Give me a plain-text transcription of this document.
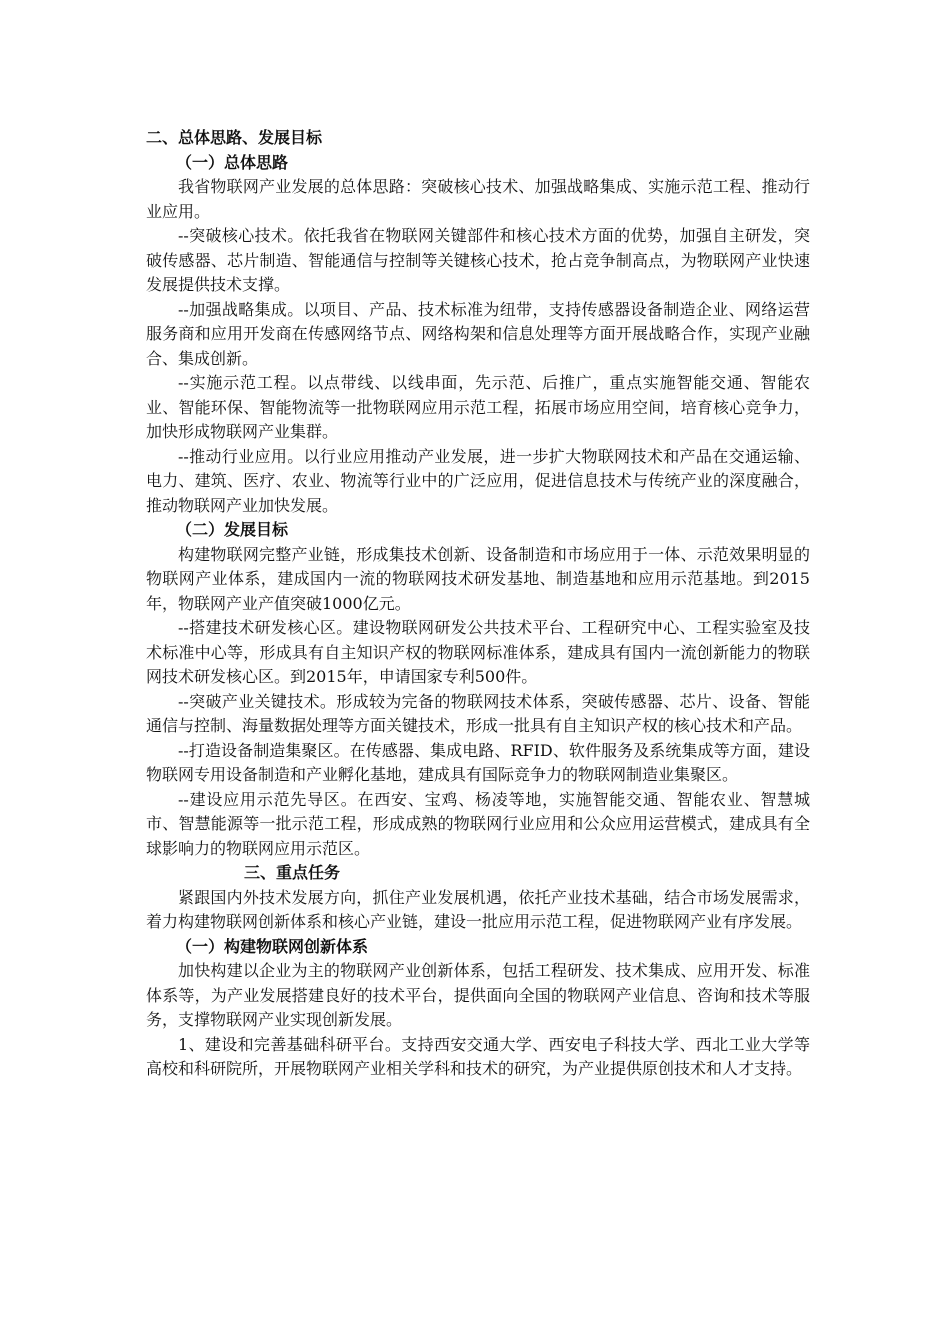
二、总体思路、发展目标
（一）总体思路

我省物联网产业发展的总体思路：突破核心技术、加强战略集成、实施示范工程、推动行业应用。

--突破核心技术。依托我省在物联网关键部件和核心技术方面的优势，加强自主研发，突破传感器、芯片制造、智能通信与控制等关键核心技术，抢占竞争制高点，为物联网产业快速发展提供技术支撑。

--加强战略集成。以项目、产品、技术标准为纽带，支持传感器设备制造企业、网络运营服务商和应用开发商在传感网络节点、网络构架和信息处理等方面开展战略合作，实现产业融合、集成创新。

--实施示范工程。以点带线、以线串面，先示范、后推广，重点实施智能交通、智能农业、智能环保、智能物流等一批物联网应用示范工程，拓展市场应用空间，培育核心竞争力，加快形成物联网产业集群。

--推动行业应用。以行业应用推动产业发展，进一步扩大物联网技术和产品在交通运输、电力、建筑、医疗、农业、物流等行业中的广泛应用，促进信息技术与传统产业的深度融合，推动物联网产业加快发展。

（二）发展目标

构建物联网完整产业链，形成集技术创新、设备制造和市场应用于一体、示范效果明显的物联网产业体系，建成国内一流的物联网技术研发基地、制造基地和应用示范基地。到2015年，物联网产业产值突破1000亿元。

--搭建技术研发核心区。建设物联网研发公共技术平台、工程研究中心、工程实验室及技术标准中心等，形成具有自主知识产权的物联网标准体系，建成具有国内一流创新能力的物联网技术研发核心区。到2015年，申请国家专利500件。

--突破产业关键技术。形成较为完备的物联网技术体系，突破传感器、芯片、设备、智能通信与控制、海量数据处理等方面关键技术，形成一批具有自主知识产权的核心技术和产品。

--打造设备制造集聚区。在传感器、集成电路、RFID、软件服务及系统集成等方面，建设物联网专用设备制造和产业孵化基地，建成具有国际竞争力的物联网制造业集聚区。

--建设应用示范先导区。在西安、宝鸡、杨凌等地，实施智能交通、智能农业、智慧城市、智慧能源等一批示范工程，形成成熟的物联网行业应用和公众应用运营模式，建成具有全球影响力的物联网应用示范区。

三、重点任务

紧跟国内外技术发展方向，抓住产业发展机遇，依托产业技术基础，结合市场发展需求，着力构建物联网创新体系和核心产业链，建设一批应用示范工程，促进物联网产业有序发展。

（一）构建物联网创新体系

加快构建以企业为主的物联网产业创新体系，包括工程研发、技术集成、应用开发、标准体系等，为产业发展搭建良好的技术平台，提供面向全国的物联网产业信息、咨询和技术等服务，支撑物联网产业实现创新发展。

1、建设和完善基础科研平台。支持西安交通大学、西安电子科技大学、西北工业大学等高校和科研院所，开展物联网产业相关学科和技术的研究，为产业提供原创技术和人才支持。
